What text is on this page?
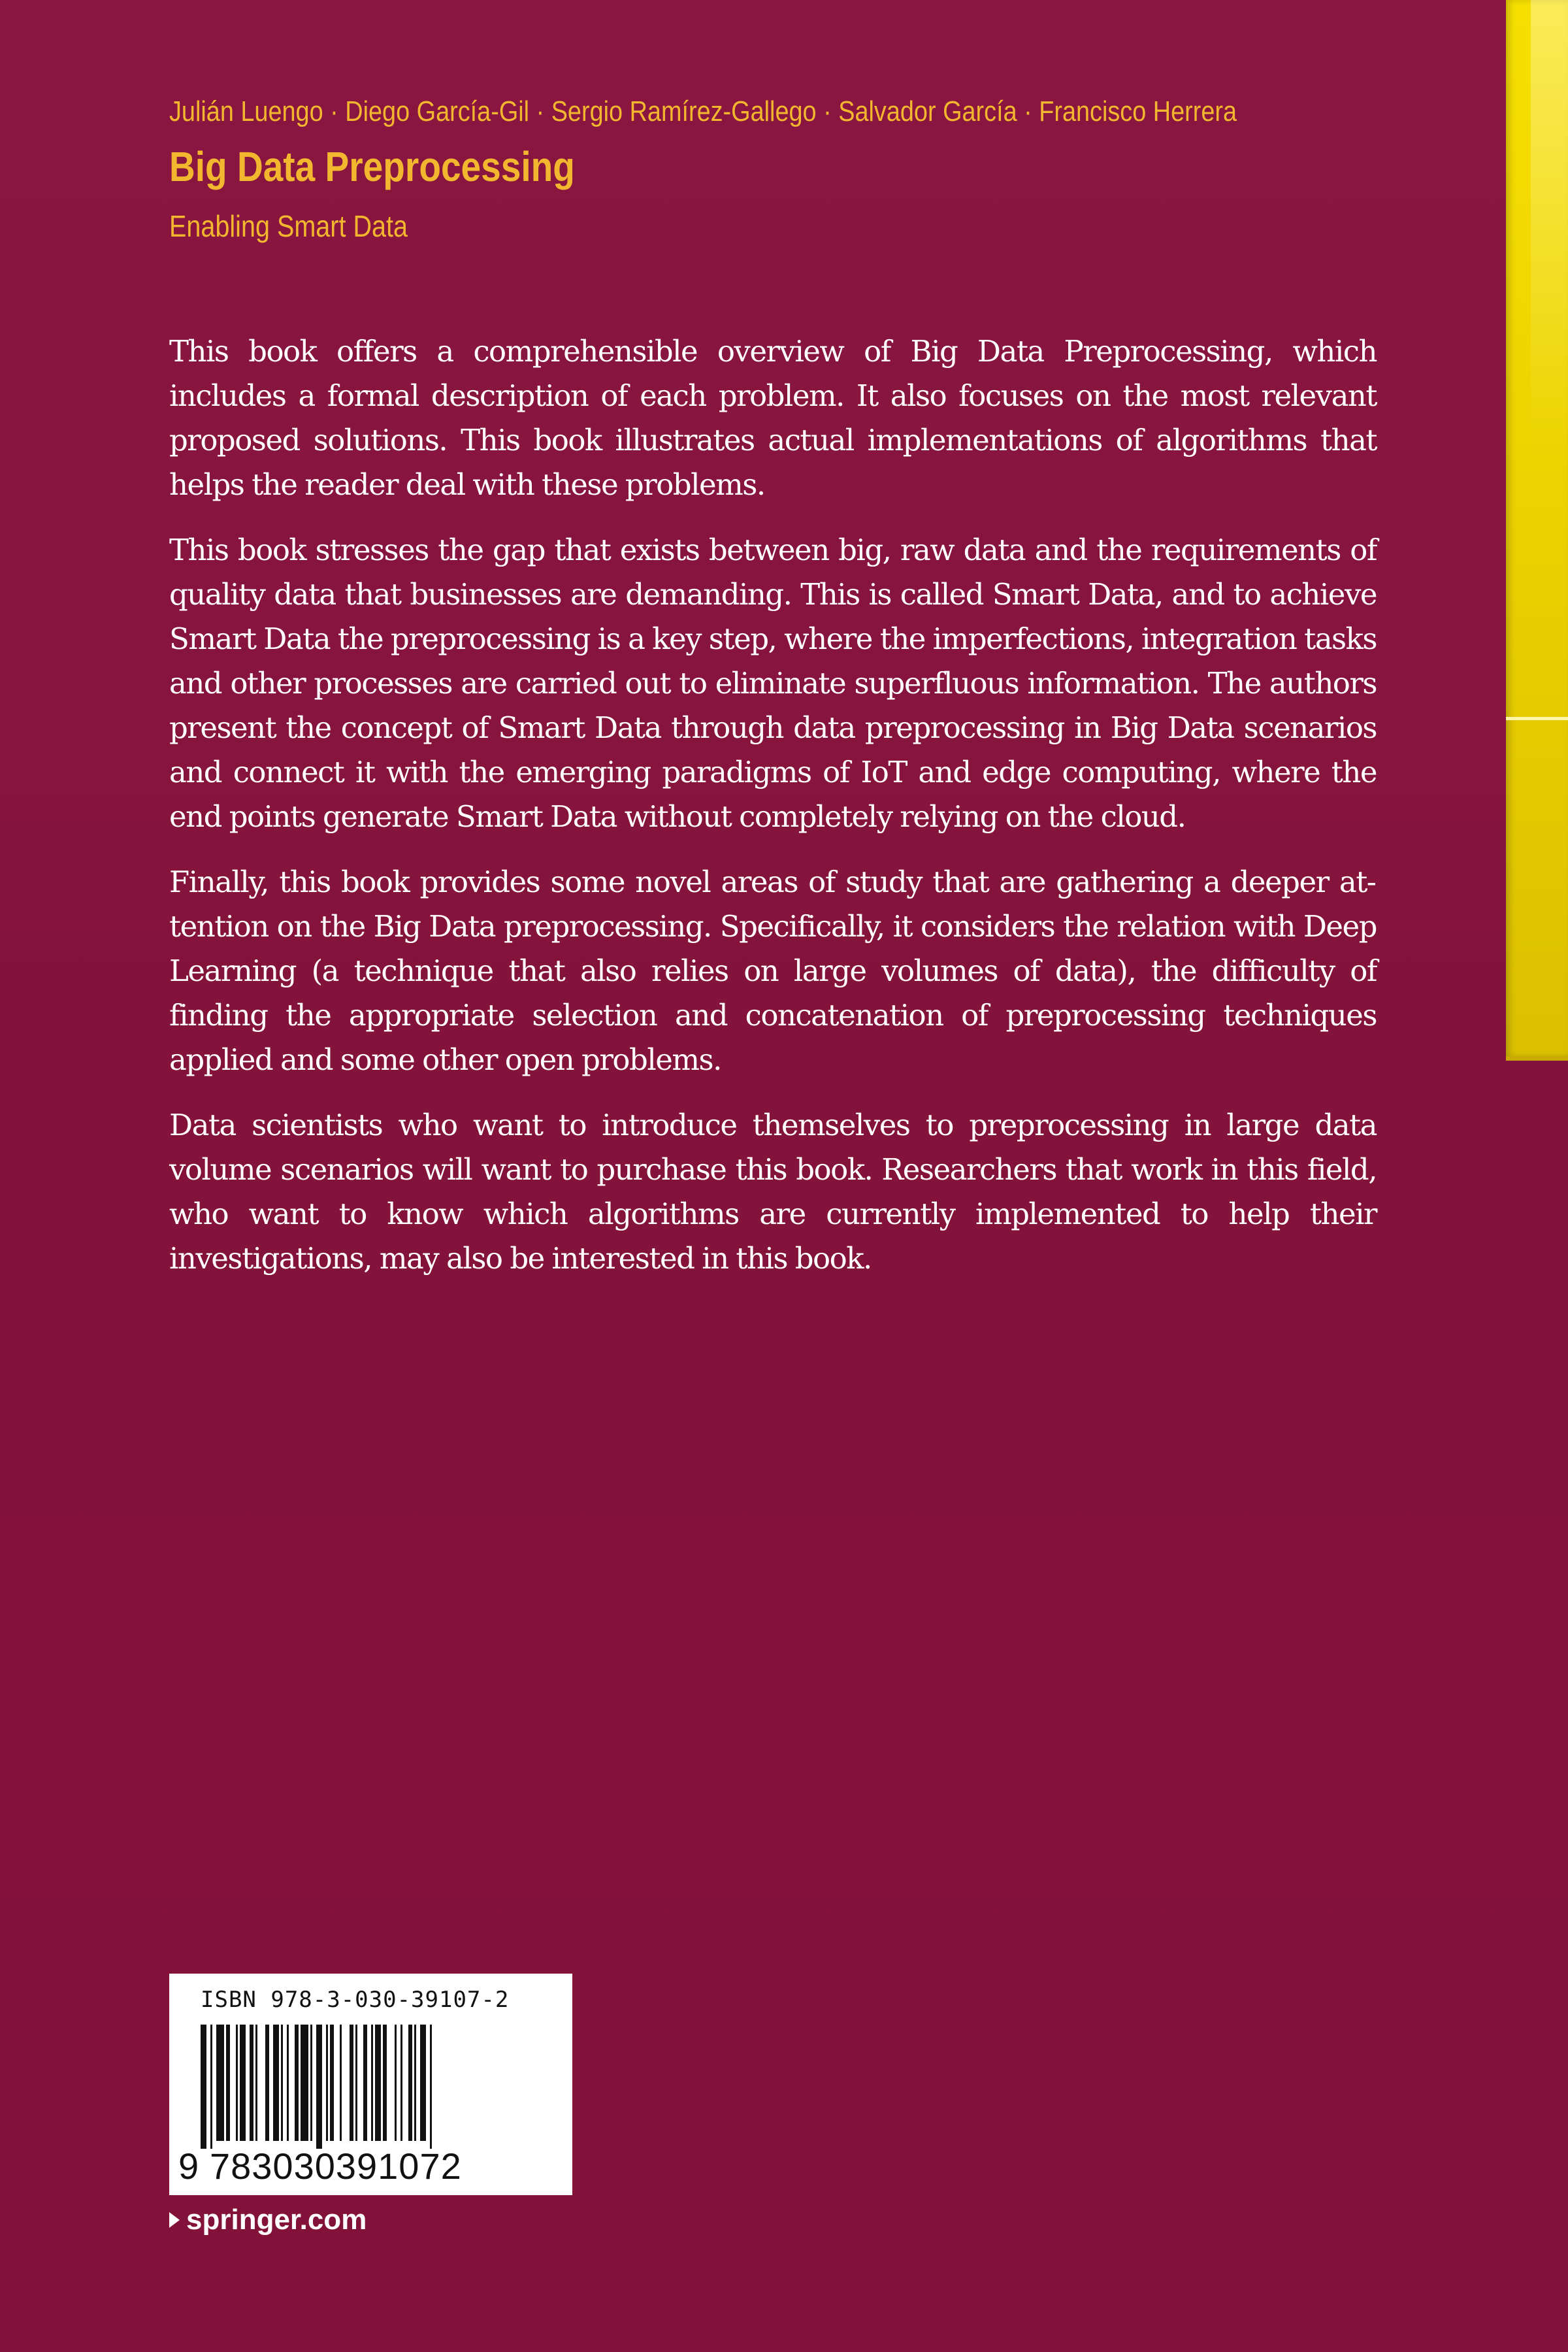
Julián Luengo · Diego García-Gil · Sergio Ramírez-Gallego · Salvador García · Francisco Herrera
Big Data Preprocessing
Enabling Smart Data

This book offers a comprehensible overview of Big Data Preprocessing, which includes a formal description of each problem. It also focuses on the most relevant proposed solutions. This book illustrates actual implementations of algorithms that helps the reader deal with these problems.

This book stresses the gap that exists between big, raw data and the requirements of quality data that businesses are demanding. This is called Smart Data, and to achieve Smart Data the preprocessing is a key step, where the imperfections, integration tasks and other processes are carried out to eliminate superfluous information. The authors present the concept of Smart Data through data preprocessing in Big Data scenarios and connect it with the emerging paradigms of IoT and edge computing, where the end points generate Smart Data without completely relying on the cloud.

Finally, this book provides some novel areas of study that are gathering a deeper attention on the Big Data preprocessing. Specifically, it considers the relation with Deep Learning (a technique that also relies on large volumes of data), the difficulty of finding the appropriate selection and concatenation of preprocessing techniques applied and some other open problems.

Data scientists who want to introduce themselves to preprocessing in large data volume scenarios will want to purchase this book. Researchers that work in this field, who want to know which algorithms are currently implemented to help their investigations, may also be interested in this book.

ISBN 978-3-030-39107-2
9 783030391072
springer.com
